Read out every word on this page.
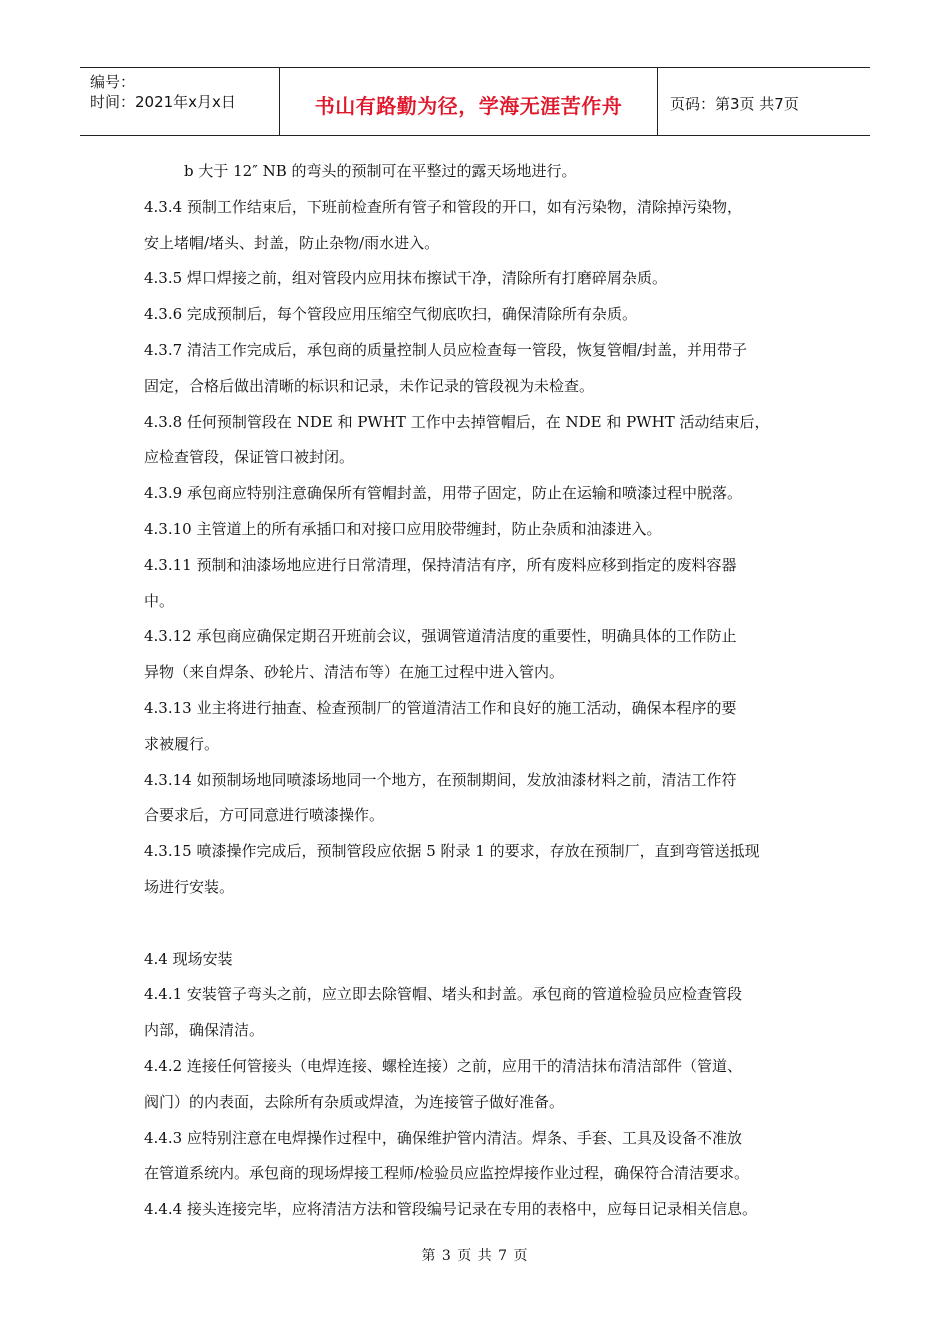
编号：
时间：2021年x月x日	书山有路勤为径，学海无涯苦作舟	页码：第3页 共7页
b 大于 12″ NB 的弯头的预制可在平整过的露天场地进行。
4.3.4 预制工作结束后，下班前检查所有管子和管段的开口，如有污染物，清除掉污染物，
安上堵帽/堵头、封盖，防止杂物/雨水进入。
4.3.5 焊口焊接之前，组对管段内应用抹布擦试干净，清除所有打磨碎屑杂质。
4.3.6 完成预制后，每个管段应用压缩空气彻底吹扫，确保清除所有杂质。
4.3.7 清洁工作完成后，承包商的质量控制人员应检查每一管段，恢复管帽/封盖，并用带子
固定，合格后做出清晰的标识和记录，未作记录的管段视为未检查。
4.3.8 任何预制管段在 NDE 和 PWHT 工作中去掉管帽后，在 NDE 和 PWHT 活动结束后，
应检查管段，保证管口被封闭。
4.3.9 承包商应特别注意确保所有管帽封盖，用带子固定，防止在运输和喷漆过程中脱落。
4.3.10 主管道上的所有承插口和对接口应用胶带缠封，防止杂质和油漆进入。
4.3.11 预制和油漆场地应进行日常清理，保持清洁有序，所有废料应移到指定的废料容器
中。
4.3.12 承包商应确保定期召开班前会议，强调管道清洁度的重要性，明确具体的工作防止
异物（来自焊条、砂轮片、清洁布等）在施工过程中进入管内。
4.3.13 业主将进行抽查、检查预制厂的管道清洁工作和良好的施工活动，确保本程序的要
求被履行。
4.3.14 如预制场地同喷漆场地同一个地方，在预制期间，发放油漆材料之前，清洁工作符
合要求后，方可同意进行喷漆操作。
4.3.15 喷漆操作完成后，预制管段应依据 5 附录 1 的要求，存放在预制厂，直到弯管送抵现
场进行安装。
4.4 现场安装
4.4.1 安装管子弯头之前，应立即去除管帽、堵头和封盖。承包商的管道检验员应检查管段
内部，确保清洁。
4.4.2 连接任何管接头（电焊连接、螺栓连接）之前，应用干的清洁抹布清洁部件（管道、
阀门）的内表面，去除所有杂质或焊渣，为连接管子做好准备。
4.4.3 应特别注意在电焊操作过程中，确保维护管内清洁。焊条、手套、工具及设备不准放
在管道系统内。承包商的现场焊接工程师/检验员应监控焊接作业过程，确保符合清洁要求。
4.4.4 接头连接完毕，应将清洁方法和管段编号记录在专用的表格中，应每日记录相关信息。
第 3 页 共 7 页
